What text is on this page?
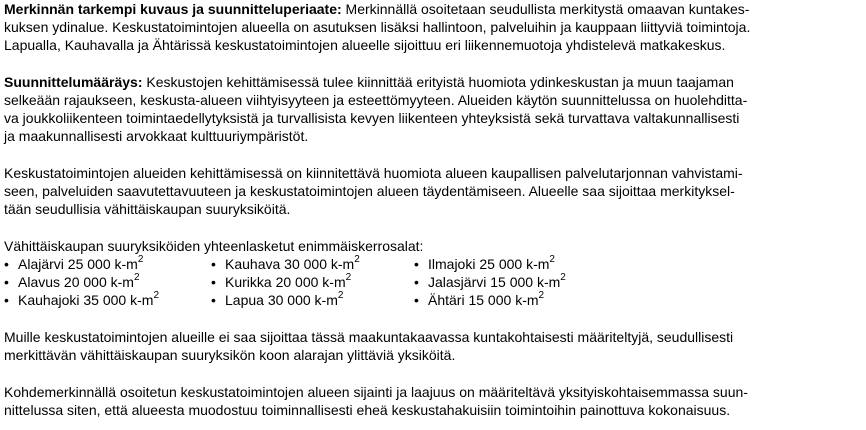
Merkinnän tarkempi kuvaus ja suunnitteluperiaate: Merkinnällä osoitetaan seudullista merkitystä omaavan kuntakes-
kuksen ydinalue. Keskustatoimintojen alueella on asutuksen lisäksi hallintoon, palveluihin ja kauppaan liittyviä toimintoja.
Lapualla, Kauhavalla ja Ähtärissä keskustatoimintojen alueelle sijoittuu eri liikennemuotoja yhdistelevä matkakeskus.
Suunnittelumääräys: Keskustojen kehittämisessä tulee kiinnittää erityistä huomiota ydinkeskustan ja muun taajaman
selkeään rajaukseen, keskusta-alueen viihtyisyyteen ja esteettömyyteen. Alueiden käytön suunnittelussa on huolehditta-
va joukkoliikenteen toimintaedellytyksistä ja turvallisista kevyen liikenteen yhteyksistä sekä turvattava valtakunnallisesti
ja maakunnallisesti arvokkaat kulttuuriympäristöt.
Keskustatoimintojen alueiden kehittämisessä on kiinnitettävä huomiota alueen kaupallisen palvelutarjonnan vahvistami-
seen, palveluiden saavutettavuuteen ja keskustatoimintojen alueen täydentämiseen. Alueelle saa sijoittaa merkityksel-
tään seudullisia vähittäiskaupan suuryksiköitä.
Vähittäiskaupan suuryksiköiden yhteenlasketut enimmäiskerrosalat:
• Alajärvi 25 000 $k-m^2$
• Alavus 20 000 $k-m^2$
• Kauhajoki 35 000 $k-m^2$
• Kauhava 30 000 $k-m^2$
• Kurikka 20 000 $k-m^2$
• Lapua 30 000 $k-m^2$
• Ilmajoki 25 000 $k-m^2$
• Jalasjärvi 15 000 $k-m^2$
• Ähtäri 15 000 $k-m^2$
Muille keskustatoimintojen alueille ei saa sijoittaa tässä maakuntakaavassa kuntakohtaisesti määriteltyjä, seudullisesti
merkittävän vähittäiskaupan suuryksikön koon alarajan ylittäviä yksiköitä.
Kohdemerkinnällä osoitetun keskustatoimintojen alueen sijainti ja laajuus on määriteltävä yksityiskohtaisemmassa suun-
nittelussa siten, että alueesta muodostuu toiminnallisesti eheä keskustahakuisiin toimintoihin painottuva kokonaisuus.
